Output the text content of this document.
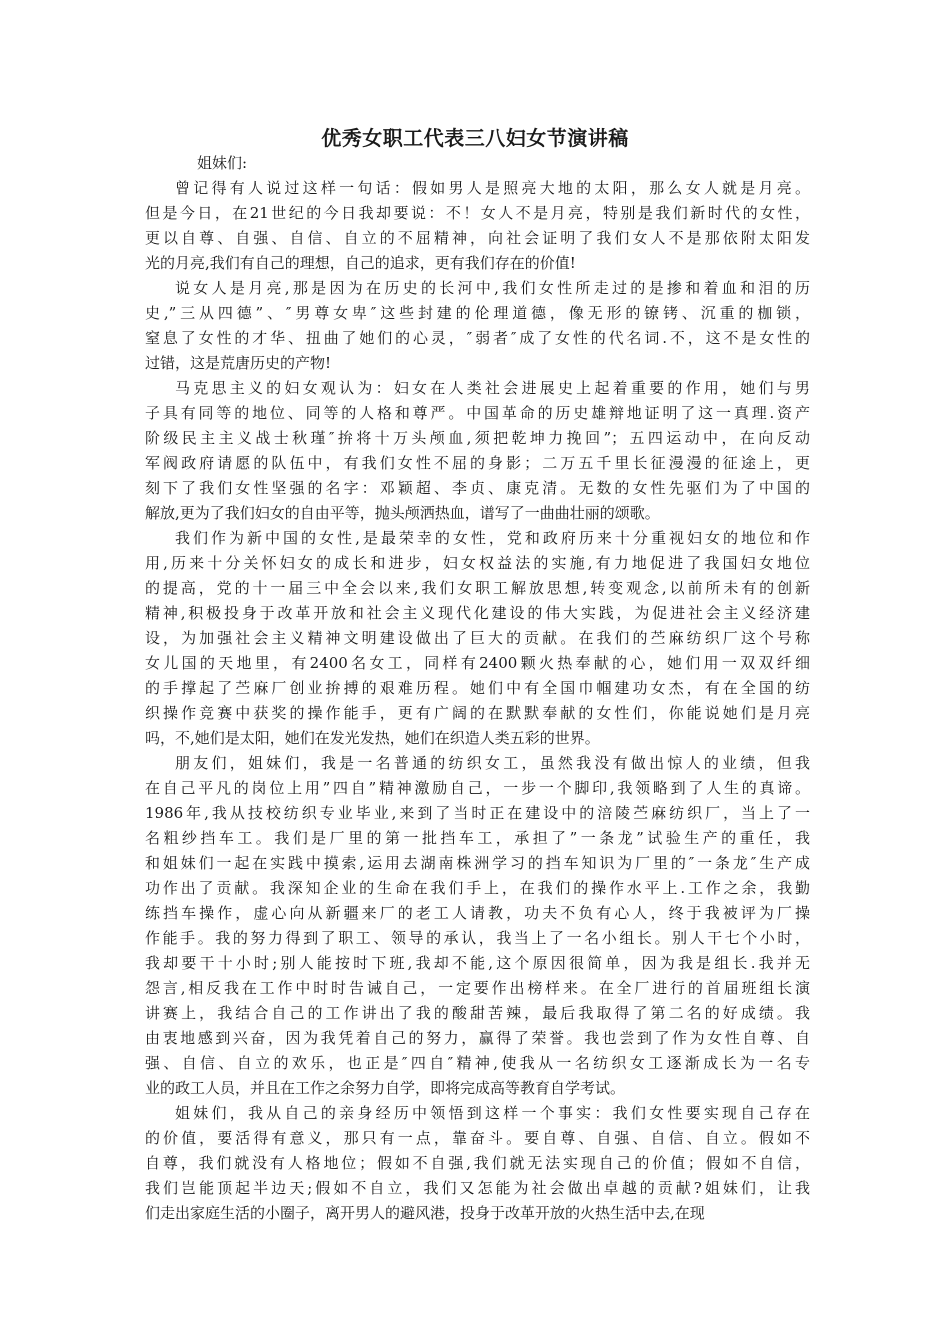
优秀女职工代表三八妇女节演讲稿

姐妹们:

曾记得有人说过这样一句话：假如男人是照亮大地的太阳，那么女人就是月亮。
但是今日，在21世纪的今日我却要说：不！女人不是月亮，特别是我们新时代的女性，
更以自尊、自强、自信、自立的不屈精神，向社会证明了我们女人不是那依附太阳发
光的月亮,我们有自己的理想，自己的追求，更有我们存在的价值!

说女人是月亮,那是因为在历史的长河中,我们女性所走过的是掺和着血和泪的历
史,”三从四德”、″男尊女卑″这些封建的伦理道德，像无形的镣铐、沉重的枷锁，
窒息了女性的才华、扭曲了她们的心灵，″弱者″成了女性的代名词.不，这不是女性的
过错，这是荒唐历史的产物!

马克思主义的妇女观认为：妇女在人类社会进展史上起着重要的作用，她们与男
子具有同等的地位、同等的人格和尊严。中国革命的历史雄辩地证明了这一真理.资产
阶级民主主义战士秋瑾″拚将十万头颅血,须把乾坤力挽回”；五四运动中，在向反动
军阀政府请愿的队伍中，有我们女性不屈的身影；二万五千里长征漫漫的征途上，更
刻下了我们女性坚强的名字：邓颖超、李贞、康克清。无数的女性先驱们为了中国的
解放,更为了我们妇女的自由平等，抛头颅洒热血，谱写了一曲曲壮丽的颂歌。

我们作为新中国的女性,是最荣幸的女性，党和政府历来十分重视妇女的地位和作
用,历来十分关怀妇女的成长和进步，妇女权益法的实施,有力地促进了我国妇女地位
的提高，党的十一届三中全会以来,我们女职工解放思想,转变观念,以前所未有的创新
精神,积极投身于改革开放和社会主义现代化建设的伟大实践，为促进社会主义经济建
设，为加强社会主义精神文明建设做出了巨大的贡献。在我们的苎麻纺织厂这个号称
女儿国的天地里，有2400名女工，同样有2400颗火热奉献的心，她们用一双双纤细
的手撑起了苎麻厂创业拚搏的艰难历程。她们中有全国巾帼建功女杰，有在全国的纺
织操作竞赛中获奖的操作能手，更有广阔的在默默奉献的女性们，你能说她们是月亮
吗，不,她们是太阳，她们在发光发热，她们在织造人类五彩的世界。

朋友们，姐妹们，我是一名普通的纺织女工，虽然我没有做出惊人的业绩，但我
在自己平凡的岗位上用”四自”精神激励自己，一步一个脚印,我领略到了人生的真谛。
1986年,我从技校纺织专业毕业,来到了当时正在建设中的涪陵苎麻纺织厂，当上了一
名粗纱挡车工。我们是厂里的第一批挡车工，承担了”一条龙”试验生产的重任，我
和姐妹们一起在实践中摸索,运用去湖南株洲学习的挡车知识为厂里的″一条龙″生产成
功作出了贡献。我深知企业的生命在我们手上，在我们的操作水平上.工作之余，我勤
练挡车操作，虚心向从新疆来厂的老工人请教，功夫不负有心人，终于我被评为厂操
作能手。我的努力得到了职工、领导的承认，我当上了一名小组长。别人干七个小时，
我却要干十小时;别人能按时下班,我却不能,这个原因很简单，因为我是组长.我并无
怨言,相反我在工作中时时告诫自己，一定要作出榜样来。在全厂进行的首届班组长演
讲赛上，我结合自己的工作讲出了我的酸甜苦辣，最后我取得了第二名的好成绩。我
由衷地感到兴奋，因为我凭着自己的努力，赢得了荣誉。我也尝到了作为女性自尊、自
强、自信、自立的欢乐，也正是″四自″精神,使我从一名纺织女工逐渐成长为一名专
业的政工人员，并且在工作之余努力自学，即将完成高等教育自学考试。

姐妹们，我从自己的亲身经历中领悟到这样一个事实：我们女性要实现自己存在
的价值，要活得有意义，那只有一点，靠奋斗。要自尊、自强、自信、自立。假如不
自尊，我们就没有人格地位；假如不自强,我们就无法实现自己的价值；假如不自信，
我们岂能顶起半边天;假如不自立，我们又怎能为社会做出卓越的贡献?姐妹们，让我
们走出家庭生活的小圈子，离开男人的避风港，投身于改革开放的火热生活中去,在现
